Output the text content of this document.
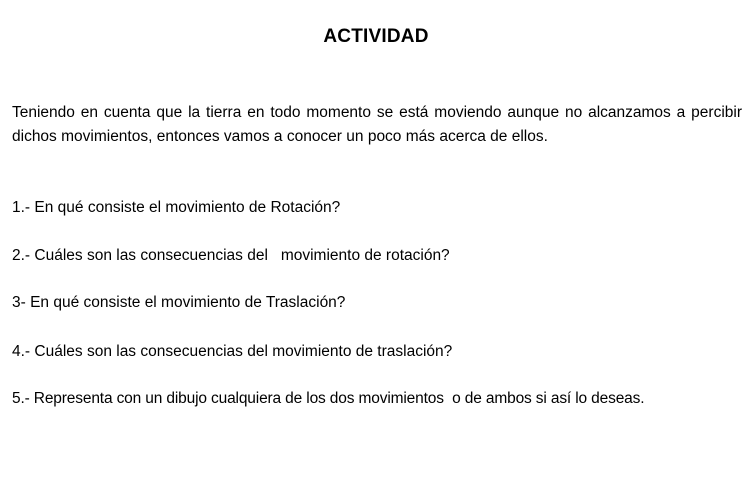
ACTIVIDAD
Teniendo en cuenta que la tierra en todo momento se está moviendo aunque no alcanzamos a percibir dichos movimientos, entonces vamos a conocer un poco más acerca de ellos.
1.- En qué consiste el movimiento de Rotación?
2.- Cuáles son las consecuencias del   movimiento de rotación?
3- En qué consiste el movimiento de Traslación?
4.- Cuáles son las consecuencias del movimiento de traslación?
5.- Representa con un dibujo cualquiera de los dos movimientos  o de ambos si así lo deseas.
